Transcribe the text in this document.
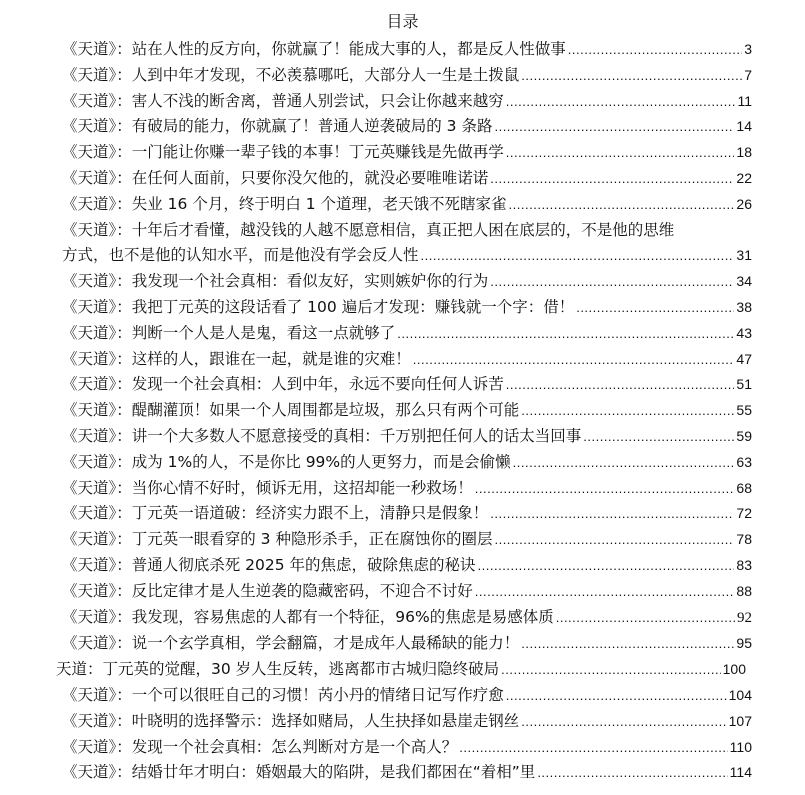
目录
《天道》：站在人性的反方向，你就赢了！能成大事的人，都是反人性做事 .....	3
《天道》：人到中年才发现，不必羡慕哪吒，大部分人一生是土拨鼠 .....	7
《天道》：害人不浅的断舍离，普通人别尝试，只会让你越来越穷 .....	11
《天道》：有破局的能力，你就赢了！普通人逆袭破局的 3 条路 .....	14
《天道》：一门能让你赚一辈子钱的本事！丁元英赚钱是先做再学 .....	18
《天道》：在任何人面前，只要你没欠他的，就没必要唯唯诺诺 .....	22
《天道》：失业 16 个月，终于明白 1 个道理，老天饿不死瞎家雀 .....	26
《天道》：十年后才看懂，越没钱的人越不愿意相信，真正把人困在底层的，不是他的思维
方式，也不是他的认知水平，而是他没有学会反人性 .....	31
《天道》：我发现一个社会真相：看似友好，实则嫉妒你的行为 .....	34
《天道》：我把丁元英的这段话看了 100 遍后才发现：赚钱就一个字：借！ .....	38
《天道》：判断一个人是人是鬼，看这一点就够了 .....	43
《天道》：这样的人，跟谁在一起，就是谁的灾难！ .....	47
《天道》：发现一个社会真相：人到中年，永远不要向任何人诉苦 .....	51
《天道》：醍醐灌顶！如果一个人周围都是垃圾，那么只有两个可能 .....	55
《天道》：讲一个大多数人不愿意接受的真相：千万别把任何人的话太当回事 .....	59
《天道》：成为 1%的人，不是你比 99%的人更努力，而是会偷懒 .....	63
《天道》：当你心情不好时，倾诉无用，这招却能一秒救场！ .....	68
《天道》：丁元英一语道破：经济实力跟不上，清静只是假象！ .....	72
《天道》：丁元英一眼看穿的 3 种隐形杀手，正在腐蚀你的圈层 .....	78
《天道》：普通人彻底杀死 2025 年的焦虑，破除焦虑的秘诀 .....	83
《天道》：反比定律才是人生逆袭的隐藏密码，不迎合不讨好 .....	88
《天道》：我发现，容易焦虑的人都有一个特征，96%的焦虑是易感体质 .....	92
《天道》：说一个玄学真相，学会翻篇，才是成年人最稀缺的能力！ .....	95
天道：丁元英的觉醒，30 岁人生反转，逃离都市古城归隐终破局 .....	100
《天道》：一个可以很旺自己的习惯！芮小丹的情绪日记写作疗愈 .....	104
《天道》：叶晓明的选择警示：选择如赌局，人生抉择如悬崖走钢丝 .....	107
《天道》：发现一个社会真相：怎么判断对方是一个高人？ .....	110
《天道》：结婚廿年才明白：婚姻最大的陷阱，是我们都困在“着相”里 .....	114
